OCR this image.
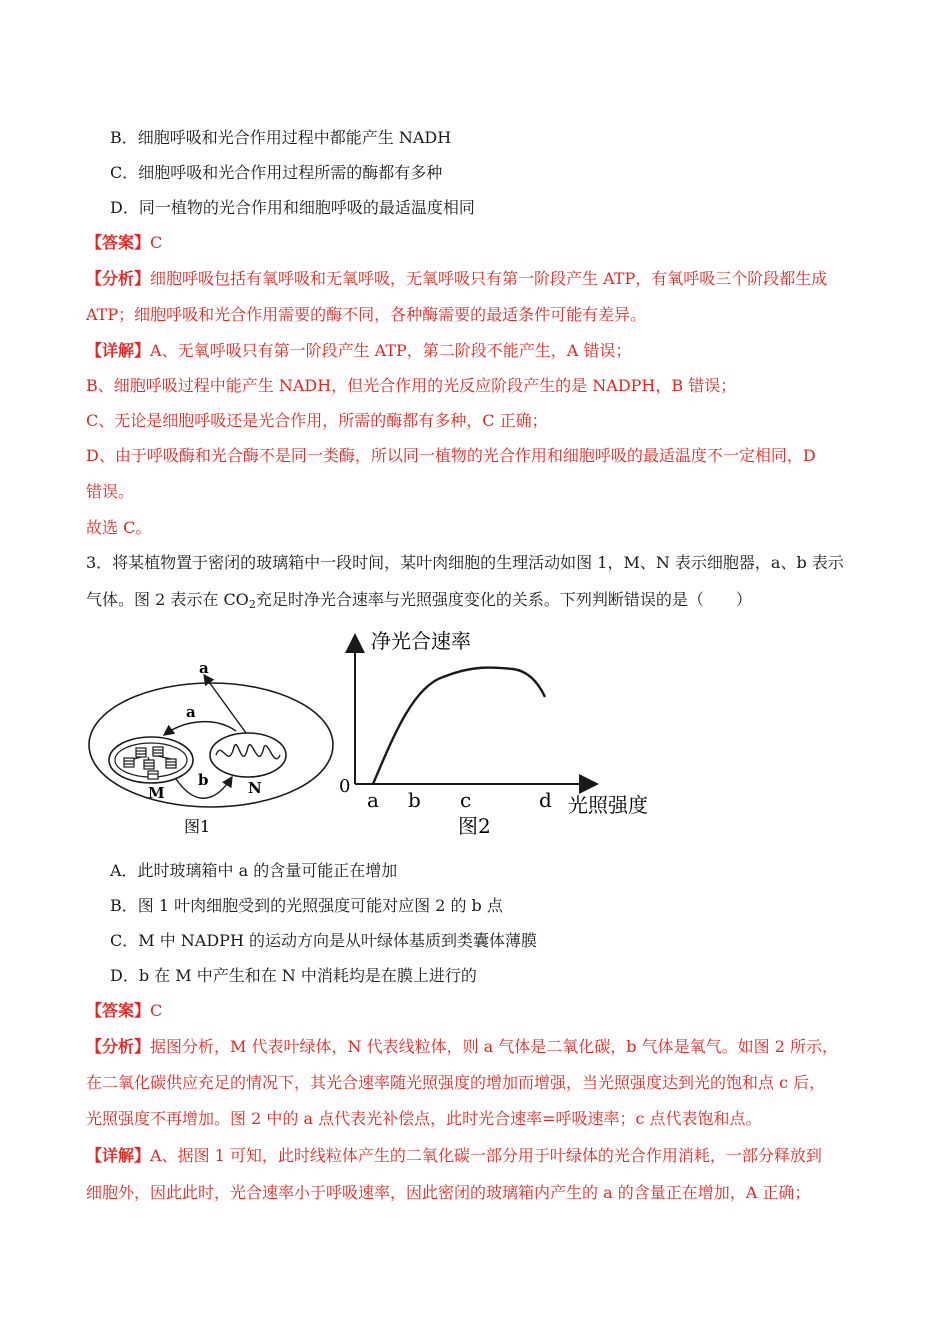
B．细胞呼吸和光合作用过程中都能产生 NADH
C．细胞呼吸和光合作用过程所需的酶都有多种
D．同一植物的光合作用和细胞呼吸的最适温度相同
【答案】C
【分析】细胞呼吸包括有氧呼吸和无氧呼吸，无氧呼吸只有第一阶段产生 ATP，有氧呼吸三个阶段都生成
ATP；细胞呼吸和光合作用需要的酶不同，各种酶需要的最适条件可能有差异。
【详解】A、无氧呼吸只有第一阶段产生 ATP，第二阶段不能产生，A 错误；
B、细胞呼吸过程中能产生 NADH，但光合作用的光反应阶段产生的是 NADPH，B 错误；
C、无论是细胞呼吸还是光合作用，所需的酶都有多种，C 正确；
D、由于呼吸酶和光合酶不是同一类酶，所以同一植物的光合作用和细胞呼吸的最适温度不一定相同，D
错误。
故选 C。
3．将某植物置于密闭的玻璃箱中一段时间，某叶肉细胞的生理活动如图 1，M、N 表示细胞器，a、b 表示
气体。图 2 表示在 $CO_2$充足时净光合速率与光照强度变化的关系。下列判断错误的是（　　）
a
a
b
M	N
图1
净光合速率
光照强度
0
a b c	d
图2
A．此时玻璃箱中 a 的含量可能正在增加
B．图 1 叶肉细胞受到的光照强度可能对应图 2 的 b 点
C．M 中 NADPH 的运动方向是从叶绿体基质到类囊体薄膜
D．b 在 M 中产生和在 N 中消耗均是在膜上进行的
【答案】C
【分析】据图分析，M 代表叶绿体，N 代表线粒体，则 a 气体是二氧化碳，b 气体是氧气。如图 2 所示，
在二氧化碳供应充足的情况下，其光合速率随光照强度的增加而增强，当光照强度达到光的饱和点 c 后，
光照强度不再增加。图 2 中的 a 点代表光补偿点，此时光合速率=呼吸速率；c 点代表饱和点。
【详解】A、据图 1 可知，此时线粒体产生的二氧化碳一部分用于叶绿体的光合作用消耗，一部分释放到
细胞外，因此此时，光合速率小于呼吸速率，因此密闭的玻璃箱内产生的 a 的含量正在增加，A 正确；
